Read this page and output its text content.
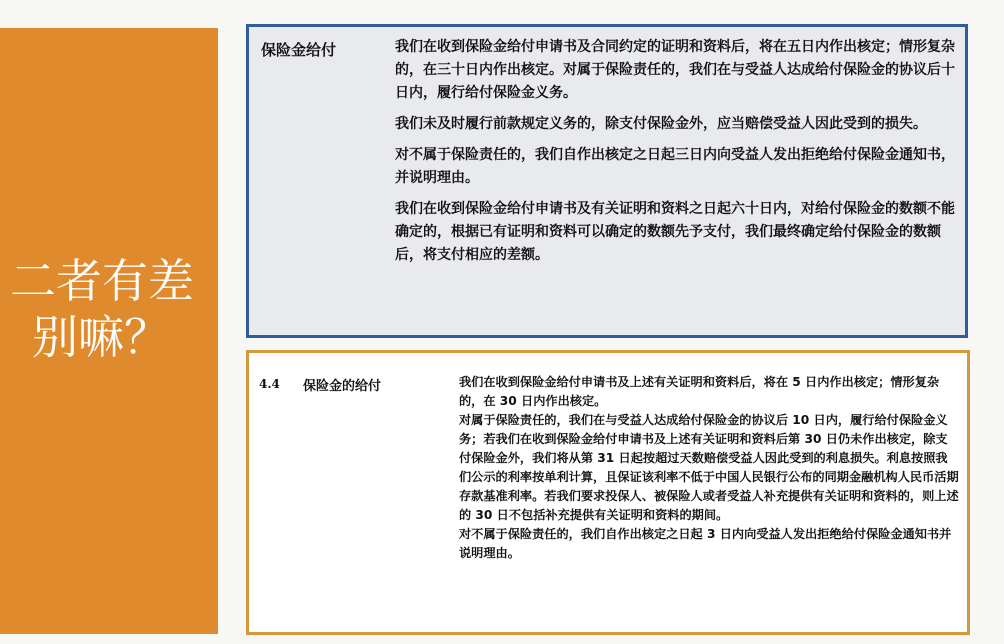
二者有差
别嘛？
保险金给付	我们在收到保险金给付申请书及合同约定的证明和资料后，将在五日内作出核定；情形复杂的，在三十日内作出核定。对属于保险责任的，我们在与受益人达成给付保险金的协议后十日内，履行给付保险金义务。

我们未及时履行前款规定义务的，除支付保险金外，应当赔偿受益人因此受到的损失。

对不属于保险责任的，我们自作出核定之日起三日内向受益人发出拒绝给付保险金通知书，并说明理由。

我们在收到保险金给付申请书及有关证明和资料之日起六十日内，对给付保险金的数额不能确定的，根据已有证明和资料可以确定的数额先予支付，我们最终确定给付保险金的数额后，将支付相应的差额。

4.4 保险金的给付	我们在收到保险金给付申请书及上述有关证明和资料后，将在 5 日内作出核定；情形复杂的，在 30 日内作出核定。

对属于保险责任的，我们在与受益人达成给付保险金的协议后 10 日内，履行给付保险金义务；若我们在收到保险金给付申请书及上述有关证明和资料后第 30 日仍未作出核定，除支付保险金外，我们将从第 31 日起按超过天数赔偿受益人因此受到的利息损失。利息按照我们公示的利率按单利计算，且保证该利率不低于中国人民银行公布的同期金融机构人民币活期存款基准利率。若我们要求投保人、被保险人或者受益人补充提供有关证明和资料的，则上述的 30 日不包括补充提供有关证明和资料的期间。

对不属于保险责任的，我们自作出核定之日起 3 日内向受益人发出拒绝给付保险金通知书并说明理由。
